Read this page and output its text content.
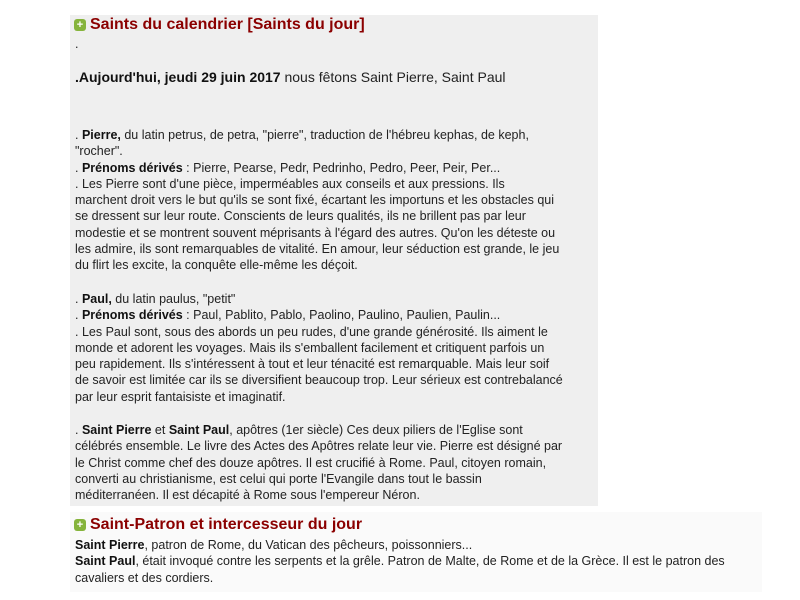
+ Saints du calendrier [Saints du jour]
.
.Aujourd'hui, jeudi 29 juin 2017 nous fêtons Saint Pierre, Saint Paul
. Pierre, du latin petrus, de petra, "pierre", traduction de l'hébreu kephas, de keph,
"rocher".
. Prénoms dérivés : Pierre, Pearse, Pedr, Pedrinho, Pedro, Peer, Peir, Per...
. Les Pierre sont d'une pièce, imperméables aux conseils et aux pressions. Ils
marchent droit vers le but qu'ils se sont fixé, écartant les importuns et les obstacles qui
se dressent sur leur route. Conscients de leurs qualités, ils ne brillent pas par leur
modestie et se montrent souvent méprisants à l'égard des autres. Qu'on les déteste ou
les admire, ils sont remarquables de vitalité. En amour, leur séduction est grande, le jeu
du flirt les excite, la conquête elle-même les déçoit.
. Paul, du latin paulus, "petit"
. Prénoms dérivés : Paul, Pablito, Pablo, Paolino, Paulino, Paulien, Paulin...
. Les Paul sont, sous des abords un peu rudes, d'une grande générosité. Ils aiment le
monde et adorent les voyages. Mais ils s'emballent facilement et critiquent parfois un
peu rapidement. Ils s'intéressent à tout et leur ténacité est remarquable. Mais leur soif
de savoir est limitée car ils se diversifient beaucoup trop. Leur sérieux est contrebalancé
par leur esprit fantaisiste et imaginatif.
. Saint Pierre et Saint Paul, apôtres (1er siècle) Ces deux piliers de l'Eglise sont
célébrés ensemble. Le livre des Actes des Apôtres relate leur vie. Pierre est désigné par
le Christ comme chef des douze apôtres. Il est crucifié à Rome. Paul, citoyen romain,
converti au christianisme, est celui qui porte l'Evangile dans tout le bassin
méditerranéen. Il est décapité à Rome sous l'empereur Néron.
+ Saint-Patron et intercesseur du jour
Saint Pierre, patron de Rome, du Vatican des pêcheurs, poissonniers...
Saint Paul, était invoqué contre les serpents et la grêle. Patron de Malte, de Rome et de la Grèce. Il est le patron des
cavaliers et des cordiers.
